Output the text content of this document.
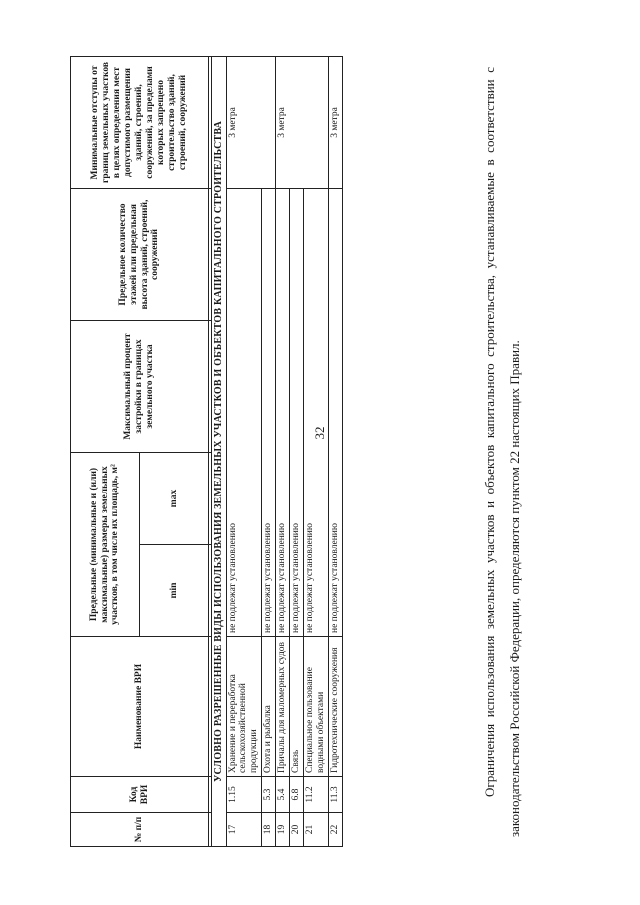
32
№ п/п	Код ВРИ	Наименование ВРИ	Предельные (минимальные и (или) максимальные) размеры земельных участков, в том числе их площадь, м²		Максимальный процент застройки в границах земельного участка	Предельное количество этажей или предельная высота зданий, строений, сооружений	Минимальные отступы от границ земельных участков в целях определения мест допустимого размещения зданий, строений, сооружений, за пределами которых запрещено строительство зданий, строений, сооружений
			min	max			

УСЛОВНО РАЗРЕШЕННЫЕ ВИДЫ ИСПОЛЬЗОВАНИЯ ЗЕМЕЛЬНЫХ УЧАСТКОВ И ОБЪЕКТОВ КАПИТАЛЬНОГО СТРОИТЕЛЬСТВА							
17	1.15	Хранение и переработка сельскохозяйственной продукции	не подлежат установлению				3 метра
18	5.3	Охота и рыбалка	не подлежат установлению				
19	5.4	Причалы для маломерных судов	не подлежат установлению				3 метра
20	6.8	Связь	не подлежат установлению				
21	11.2	Специальное пользование водными объектами	не подлежат установлению				
22	11.3	Гидротехнические сооружения	не подлежат установлению				3 метра	Ограничения использования земельных участков и объектов капитального строительства, устанавливаемые в соответствии с законодательством Российской Федерации, определяются пунктом 22 настоящих Правил.
